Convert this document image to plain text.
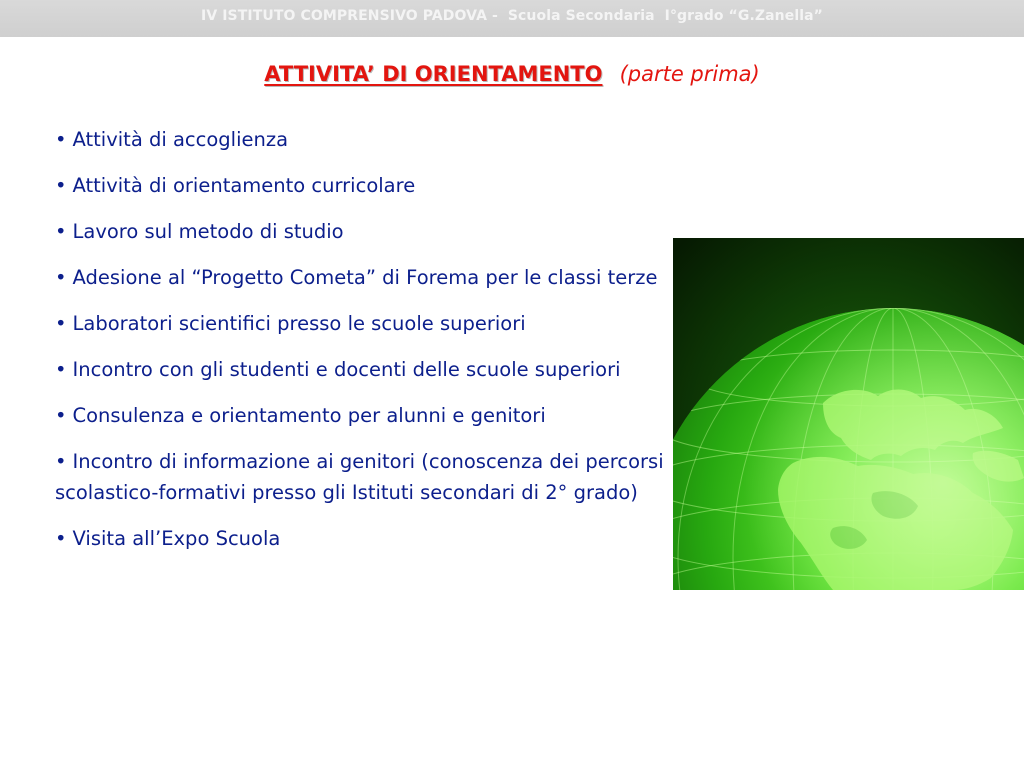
IV ISTITUTO COMPRENSIVO PADOVA -  Scuola Secondaria  I°grado “G.Zanella”
ATTIVITA’ DI ORIENTAMENTO (parte prima)
• Attività di accoglienza
• Attività di orientamento curricolare
• Lavoro sul metodo di studio
• Adesione al “Progetto Cometa” di Forema per le classi terze
• Laboratori scientifici presso le scuole superiori
• Incontro con gli studenti e docenti delle scuole superiori
• Consulenza e orientamento per alunni e genitori
• Incontro di informazione ai genitori (conoscenza dei percorsi scolastico-formativi presso gli Istituti secondari di 2° grado)
• Visita all’Expo Scuola
